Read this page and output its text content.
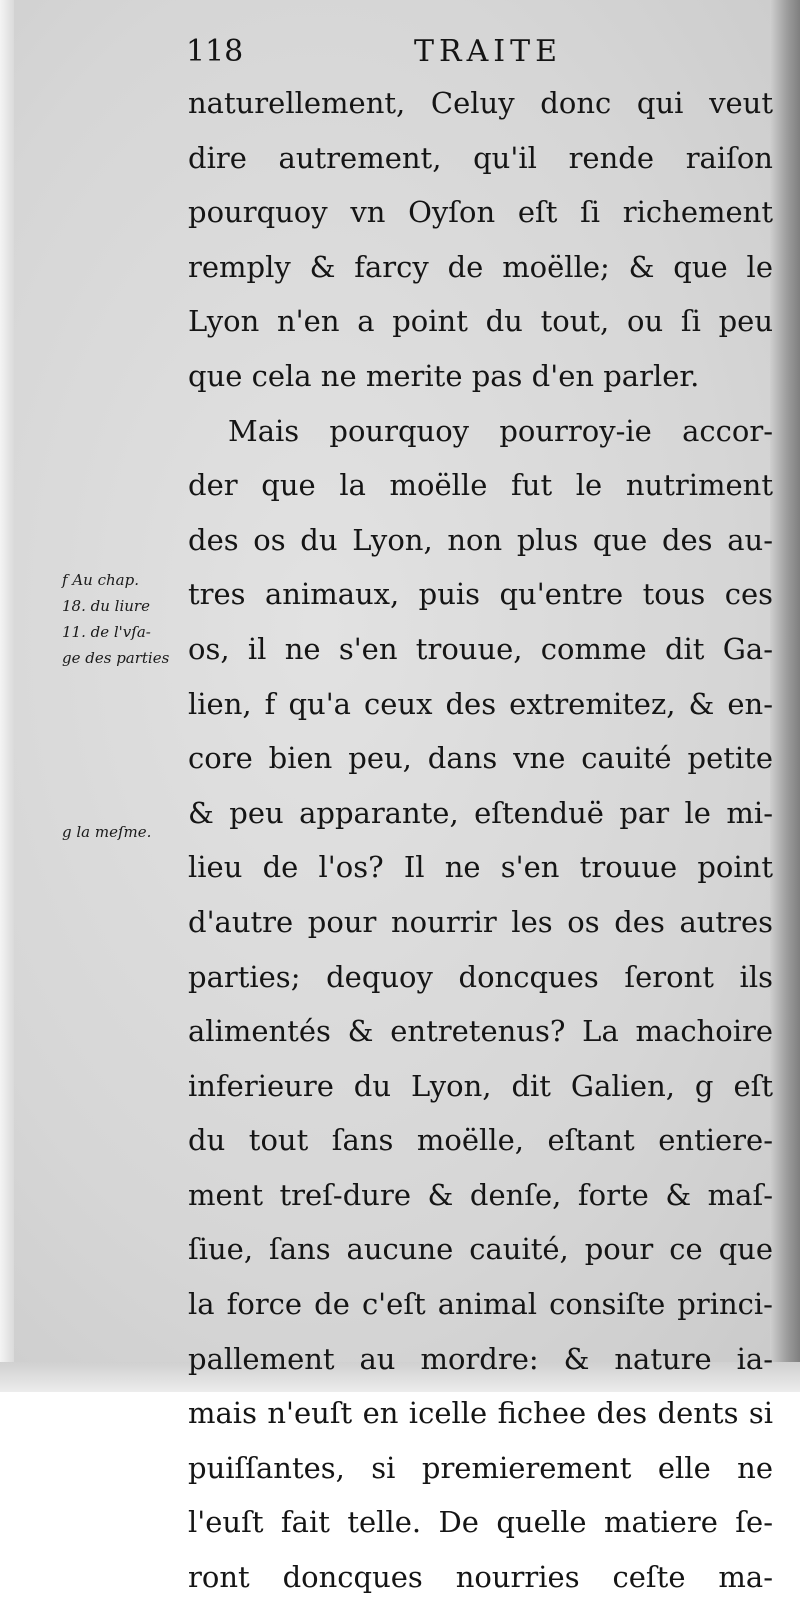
118	TRAITE
naturellement, Celuy donc qui veut
dire autrement, qu'il rende raiſon
pourquoy vn Oyſon eſt ſi richement
remply & farcy de moëlle; & que le
Lyon n'en a point du tout, ou ſi peu
que cela ne merite pas d'en parler.
Mais pourquoy pourroy-ie accor-
der que la moëlle fut le nutriment
des os du Lyon, non plus que des au-
tres animaux, puis qu'entre tous ces
os, il ne s'en trouue, comme dit Ga-
lien, f qu'a ceux des extremitez, & en-
core bien peu, dans vne cauité petite
& peu apparante, eſtenduë par le mi-
lieu de l'os? Il ne s'en trouue point
d'autre pour nourrir les os des autres
parties; dequoy doncques ſeront ils
alimentés & entretenus? La machoire
inferieure du Lyon, dit Galien, g eſt
du tout ſans moëlle, eſtant entiere-
ment treſ-dure & denſe, forte & maſ-
ſiue, ſans aucune cauité, pour ce que
la force de c'eſt animal consiſte princi-
pallement au mordre: & nature ia-
mais n'euſt en icelle fichee des dents si
puiſſantes, si premierement elle ne
l'euſt fait telle. De quelle matiere ſe-
ront doncques nourries ceſte ma-
f Au chap.
18. du liure
11. de l'vſa-
ge des parties
g la meſme.
